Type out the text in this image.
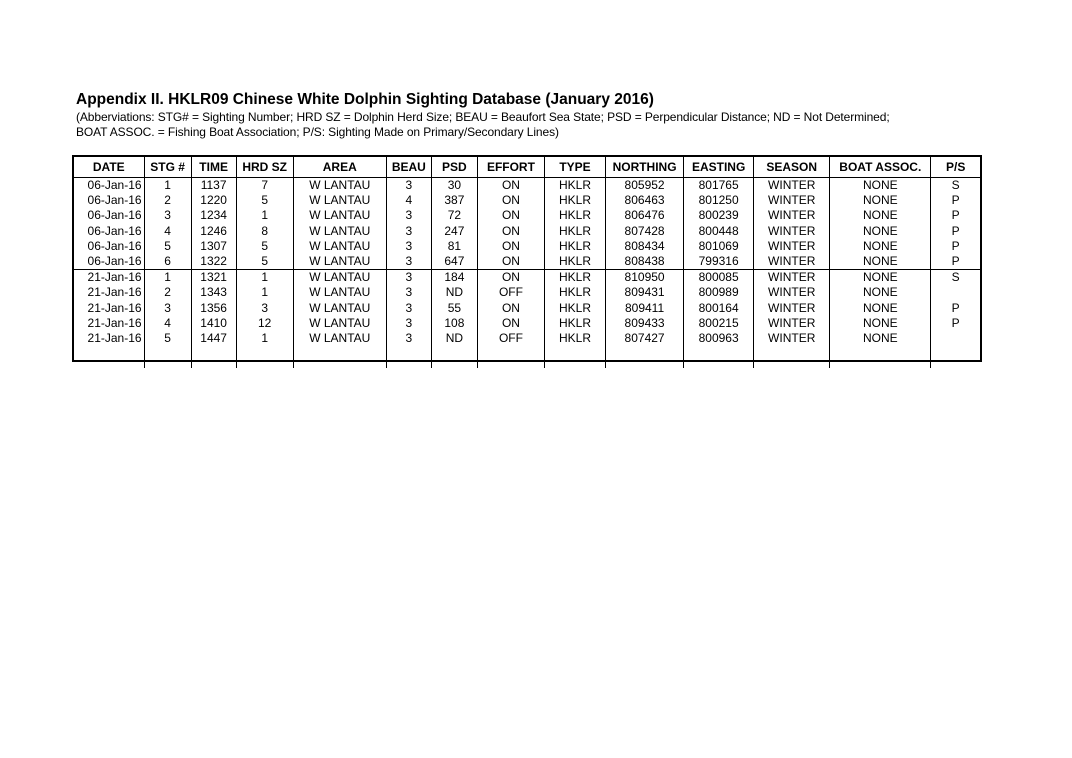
Appendix II. HKLR09 Chinese White Dolphin Sighting Database (January 2016)
(Abberviations: STG# = Sighting Number; HRD SZ = Dolphin Herd Size; BEAU = Beaufort Sea State; PSD = Perpendicular Distance; ND = Not Determined;
BOAT ASSOC. = Fishing Boat Association; P/S: Sighting Made on Primary/Secondary Lines)
DATE	STG #	TIME	HRD SZ	AREA	BEAU	PSD	EFFORT	TYPE	NORTHING	EASTING	SEASON	BOAT ASSOC.	P/S
06-Jan-16	1	1137	7	W LANTAU	3	30	ON	HKLR	805952	801765	WINTER	NONE	S
06-Jan-16	2	1220	5	W LANTAU	4	387	ON	HKLR	806463	801250	WINTER	NONE	P
06-Jan-16	3	1234	1	W LANTAU	3	72	ON	HKLR	806476	800239	WINTER	NONE	P
06-Jan-16	4	1246	8	W LANTAU	3	247	ON	HKLR	807428	800448	WINTER	NONE	P
06-Jan-16	5	1307	5	W LANTAU	3	81	ON	HKLR	808434	801069	WINTER	NONE	P
06-Jan-16	6	1322	5	W LANTAU	3	647	ON	HKLR	808438	799316	WINTER	NONE	P
21-Jan-16	1	1321	1	W LANTAU	3	184	ON	HKLR	810950	800085	WINTER	NONE	S
21-Jan-16	2	1343	1	W LANTAU	3	ND	OFF	HKLR	809431	800989	WINTER	NONE	
21-Jan-16	3	1356	3	W LANTAU	3	55	ON	HKLR	809411	800164	WINTER	NONE	P
21-Jan-16	4	1410	12	W LANTAU	3	108	ON	HKLR	809433	800215	WINTER	NONE	P
21-Jan-16	5	1447	1	W LANTAU	3	ND	OFF	HKLR	807427	800963	WINTER	NONE	
